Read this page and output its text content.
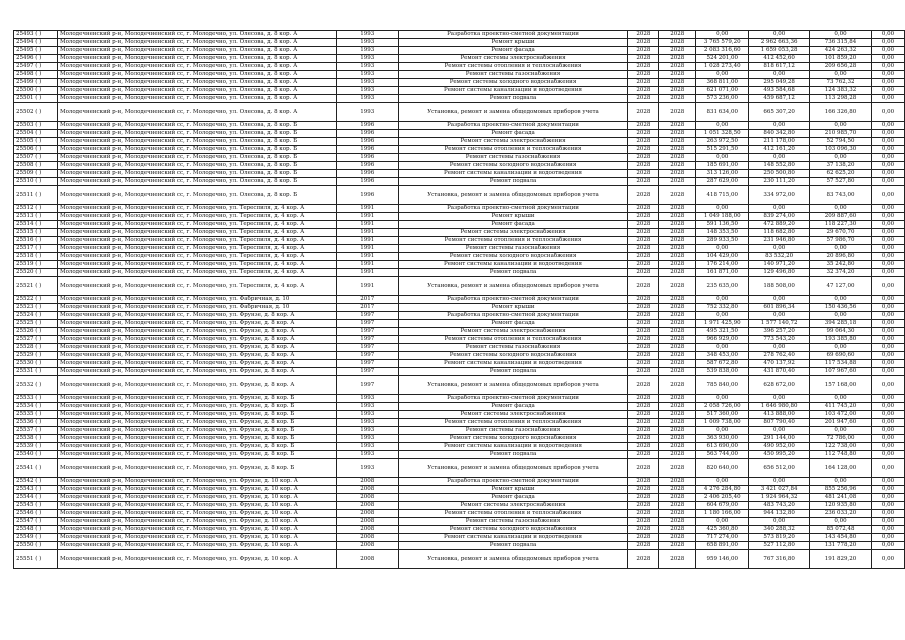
25493 ( )	Молодечненский р-н, Молодечненский сс, г. Молодечно, ул. Олесова, д. 8 кор. А	1993	Разработка проектно-сметной документации	2028	2028	0,00	0,00	0,00	0,00
25494 ( )	Молодечненский р-н, Молодечненский сс, г. Молодечно, ул. Олесова, д. 8 кор. А	1993	Ремонт крыши	2028	2028	3 765 579,20	2 962 663,36	736 315,84	0,00
25495 ( )	Молодечненский р-н, Молодечненский сс, г. Молодечно, ул. Олесова, д. 8 кор. А	1993	Ремонт фасада	2028	2028	2 083 316,60	1 659 053,28	424 263,32	0,00
25496 ( )	Молодечненский р-н, Молодечненский сс, г. Молодечно, ул. Олесова, д. 8 кор. А	1993	Ремонт системы электроснабжения	2028	2028	524 201,00	412 452,60	101 859,20	0,00
25497 ( )	Молодечненский р-н, Молодечненский сс, г. Молодечно, ул. Олесова, д. 8 кор. А	1993	Ремонт системы отопления и теплоснабжения	2028	2028	1 028 273,40	818 617,12	209 656,28	0,00
25498 ( )	Молодечненский р-н, Молодечненский сс, г. Молодечно, ул. Олесова, д. 8 кор. А	1993	Ремонт системы газоснабжения	2028	2028	0,00	0,00	0,00	0,00
25499 ( )	Молодечненский р-н, Молодечненский сс, г. Молодечно, ул. Олесова, д. 8 кор. А	1993	Ремонт системы холодного водоснабжения	2028	2028	368 811,00	295 049,28	73 762,32	0,00
25500 ( )	Молодечненский р-н, Молодечненский сс, г. Молодечно, ул. Олесова, д. 8 кор. А	1993	Ремонт системы канализации и водоотведения	2028	2028	621 071,00	493 584,68	124 383,32	0,00
25501 ( )	Молодечненский р-н, Молодечненский сс, г. Молодечно, ул. Олесова, д. 8 кор. А	1993	Ремонт подвала	2028	2028	573 236,00	459 687,12	113 298,28	0,00
25502 ( )	Молодечненский р-н, Молодечненский сс, г. Молодечно, ул. Олесова, д. 8 кор. А	1993	Установка, ремонт и замена общедомовых приборов учета	2028	2028	831 634,00	665 307,20	166 326,80	0,00
25503 ( )	Молодечненский р-н, Молодечненский сс, г. Молодечно, ул. Олесова, д. 8 кор. Б	1996	Разработка проектно-сметной документации	2028	2028	0,00	0,00	0,00	0,00
25504 ( )	Молодечненский р-н, Молодечненский сс, г. Молодечно, ул. Олесова, д. 8 кор. Б	1996	Ремонт фасада	2028	2028	1 051 328,50	840 342,80	210 985,70	0,00
25505 ( )	Молодечненский р-н, Молодечненский сс, г. Молодечно, ул. Олесова, д. 8 кор. Б	1996	Ремонт системы электроснабжения	2028	2028	263 972,50	211 178,00	52 794,50	0,00
25506 ( )	Молодечненский р-н, Молодечненский сс, г. Молодечно, ул. Олесова, д. 8 кор. Б	1996	Ремонт системы отопления и теплоснабжения	2028	2028	515 291,50	412 161,20	103 096,30	0,00
25507 ( )	Молодечненский р-н, Молодечненский сс, г. Молодечно, ул. Олесова, д. 8 кор. Б	1996	Ремонт системы газоснабжения	2028	2028	0,00	0,00	0,00	0,00
25508 ( )	Молодечненский р-н, Молодечненский сс, г. Молодечно, ул. Олесова, д. 8 кор. Б	1996	Ремонт системы холодного водоснабжения	2028	2028	185 691,00	148 552,80	37 138,20	0,00
25509 ( )	Молодечненский р-н, Молодечненский сс, г. Молодечно, ул. Олесова, д. 8 кор. Б	1996	Ремонт системы канализации и водоотведения	2028	2028	313 126,00	250 500,80	62 625,20	0,00
25510 ( )	Молодечненский р-н, Молодечненский сс, г. Молодечно, ул. Олесова, д. 8 кор. Б	1996	Ремонт подвала	2028	2028	287 629,00	230 111,20	57 527,80	0,00
25511 ( )	Молодечненский р-н, Молодечненский сс, г. Молодечно, ул. Олесова, д. 8 кор. Б	1996	Установка, ремонт и замена общедомовых приборов учета	2028	2028	418 715,00	334 972,00	83 743,00	0,00
25512 ( )	Молодечненский р-н, Молодечненский сс, г. Молодечно, ул. Тереспиля, д. 4 кор. А	1991	Разработка проектно-сметной документации	2028	2028	0,00	0,00	0,00	0,00
25513 ( )	Молодечненский р-н, Молодечненский сс, г. Молодечно, ул. Тереспиля, д. 4 кор. А	1991	Ремонт крыши	2028	2028	1 049 188,00	839 274,00	209 887,60	0,00
25514 ( )	Молодечненский р-н, Молодечненский сс, г. Молодечно, ул. Тереспиля, д. 4 кор. А	1991	Ремонт фасада	2028	2028	591 136,50	472 889,20	118 227,30	0,00
25515 ( )	Молодечненский р-н, Молодечненский сс, г. Молодечно, ул. Тереспиля, д. 4 кор. А	1991	Ремонт системы электроснабжения	2028	2028	148 353,50	118 682,80	29 670,70	0,00
25516 ( )	Молодечненский р-н, Молодечненский сс, г. Молодечно, ул. Тереспиля, д. 4 кор. А	1991	Ремонт системы отопления и теплоснабжения	2028	2028	289 933,50	231 946,80	57 986,70	0,00
25517 ( )	Молодечненский р-н, Молодечненский сс, г. Молодечно, ул. Тереспиля, д. 4 кор. А	1991	Ремонт системы газоснабжения	2028	2028	0,00	0,00	0,00	0,00
25518 ( )	Молодечненский р-н, Молодечненский сс, г. Молодечно, ул. Тереспиля, д. 4 кор. А	1991	Ремонт системы холодного водоснабжения	2028	2028	104 429,00	83 532,20	20 896,80	0,00
25519 ( )	Молодечненский р-н, Молодечненский сс, г. Молодечно, ул. Тереспиля, д. 4 кор. А	1991	Ремонт системы канализации и водоотведения	2028	2028	176 214,00	140 971,20	35 242,80	0,00
25520 ( )	Молодечненский р-н, Молодечненский сс, г. Молодечно, ул. Тереспиля, д. 4 кор. А	1991	Ремонт подвала	2028	2028	161 871,00	129 496,80	32 374,20	0,00
25521 ( )	Молодечненский р-н, Молодечненский сс, г. Молодечно, ул. Тереспиля, д. 4 кор. А	1991	Установка, ремонт и замена общедомовых приборов учета	2028	2028	235 635,00	188 508,00	47 127,00	0,00
25522 ( )	Молодечненский р-н, Молодечненский сс, г. Молодечно, ул. Фабричная, д. 10	2017	Разработка проектно-сметной документации	2028	2028	0,00	0,00	0,00	0,00
25523 ( )	Молодечненский р-н, Молодечненский сс, г. Молодечно, ул. Фабричная, д. 10	2017	Ремонт крыши	2028	2028	752 332,80	601 896,34	150 436,56	0,00
25524 ( )	Молодечненский р-н, Молодечненский сс, г. Молодечно, ул. Фрунзе, д. 8 кор. А	1997	Разработка проектно-сметной документации	2028	2028	0,00	0,00	0,00	0,00
25525 ( )	Молодечненский р-н, Молодечненский сс, г. Молодечно, ул. Фрунзе, д. 8 кор. А	1997	Ремонт фасада	2028	2028	1 971 425,90	1 577 140,72	394 285,18	0,00
25526 ( )	Молодечненский р-н, Молодечненский сс, г. Молодечно, ул. Фрунзе, д. 8 кор. А	1997	Ремонт системы электроснабжения	2028	2028	495 321,50	396 257,20	99 064,30	0,00
25527 ( )	Молодечненский р-н, Молодечненский сс, г. Молодечно, ул. Фрунзе, д. 8 кор. А	1997	Ремонт системы отопления и теплоснабжения	2028	2028	966 929,00	773 543,20	193 385,80	0,00
25528 ( )	Молодечненский р-н, Молодечненский сс, г. Молодечно, ул. Фрунзе, д. 8 кор. А	1997	Ремонт системы газоснабжения	2028	2028	0,00	0,00	0,00	0,00
25529 ( )	Молодечненский р-н, Молодечненский сс, г. Молодечно, ул. Фрунзе, д. 8 кор. А	1997	Ремонт системы холодного водоснабжения	2028	2028	348 453,00	278 762,40	69 690,60	0,00
25530 ( )	Молодечненский р-н, Молодечненский сс, г. Молодечно, ул. Фрунзе, д. 8 кор. А	1997	Ремонт системы канализации и водоотведения	2028	2028	587 672,80	470 137,92	117 534,88	0,00
25531 ( )	Молодечненский р-н, Молодечненский сс, г. Молодечно, ул. Фрунзе, д. 8 кор. А	1997	Ремонт подвала	2028	2028	539 838,00	431 870,40	107 967,60	0,00
25532 ( )	Молодечненский р-н, Молодечненский сс, г. Молодечно, ул. Фрунзе, д. 8 кор. А	1997	Установка, ремонт и замена общедомовых приборов учета	2028	2028	785 840,00	628 672,00	157 168,00	0,00
25533 ( )	Молодечненский р-н, Молодечненский сс, г. Молодечно, ул. Фрунзе, д. 8 кор. Б	1993	Разработка проектно-сметной документации	2028	2028	0,00	0,00	0,00	0,00
25534 ( )	Молодечненский р-н, Молодечненский сс, г. Молодечно, ул. Фрунзе, д. 8 кор. Б	1993	Ремонт фасада	2028	2028	2 058 726,00	1 646 980,80	411 745,20	0,00
25535 ( )	Молодечненский р-н, Молодечненский сс, г. Молодечно, ул. Фрунзе, д. 8 кор. Б	1993	Ремонт системы электроснабжения	2028	2028	517 360,00	413 888,00	103 472,00	0,00
25536 ( )	Молодечненский р-н, Молодечненский сс, г. Молодечно, ул. Фрунзе, д. 8 кор. Б	1993	Ремонт системы отопления и теплоснабжения	2028	2028	1 009 738,00	807 790,40	201 947,60	0,00
25537 ( )	Молодечненский р-н, Молодечненский сс, г. Молодечно, ул. Фрунзе, д. 8 кор. Б	1993	Ремонт системы газоснабжения	2028	2028	0,00	0,00	0,00	0,00
25538 ( )	Молодечненский р-н, Молодечненский сс, г. Молодечно, ул. Фрунзе, д. 8 кор. Б	1993	Ремонт системы холодного водоснабжения	2028	2028	363 930,00	291 144,00	72 786,00	0,00
25539 ( )	Молодечненский р-н, Молодечненский сс, г. Молодечно, ул. Фрунзе, д. 8 кор. Б	1993	Ремонт системы канализации и водоотведения	2028	2028	613 690,00	490 952,00	122 738,00	0,00
25540 ( )	Молодечненский р-н, Молодечненский сс, г. Молодечно, ул. Фрунзе, д. 8 кор. Б	1993	Ремонт подвала	2028	2028	563 744,00	450 995,20	112 748,80	0,00
25541 ( )	Молодечненский р-н, Молодечненский сс, г. Молодечно, ул. Фрунзе, д. 8 кор. Б	1993	Установка, ремонт и замена общедомовых приборов учета	2028	2028	820 640,00	656 512,00	164 128,00	0,00
25542 ( )	Молодечненский р-н, Молодечненский сс, г. Молодечно, ул. Фрунзе, д. 10 кор. А	2008	Разработка проектно-сметной документации	2028	2028	0,00	0,00	0,00	0,00
25543 ( )	Молодечненский р-н, Молодечненский сс, г. Молодечно, ул. Фрунзе, д. 10 кор. А	2008	Ремонт крыши	2028	2028	4 276 284,80	3 421 027,84	855 256,96	0,00
25544 ( )	Молодечненский р-н, Молодечненский сс, г. Молодечно, ул. Фрунзе, д. 10 кор. А	2008	Ремонт фасада	2028	2028	2 406 205,40	1 924 964,32	481 241,08	0,00
25545 ( )	Молодечненский р-н, Молодечненский сс, г. Молодечно, ул. Фрунзе, д. 10 кор. А	2008	Ремонт системы электроснабжения	2028	2028	604 679,00	483 743,20	120 935,80	0,00
25546 ( )	Молодечненский р-н, Молодечненский сс, г. Молодечно, ул. Фрунзе, д. 10 кор. А	2008	Ремонт системы отопления и теплоснабжения	2028	2028	1 180 166,00	944 132,80	236 033,20	0,00
25547 ( )	Молодечненский р-н, Молодечненский сс, г. Молодечно, ул. Фрунзе, д. 10 кор. А	2008	Ремонт системы газоснабжения	2028	2028	0,00	0,00	0,00	0,00
25548 ( )	Молодечненский р-н, Молодечненский сс, г. Молодечно, ул. Фрунзе, д. 10 кор. А	2008	Ремонт системы холодного водоснабжения	2028	2028	425 360,80	340 288,32	85 072,48	0,00
25549 ( )	Молодечненский р-н, Молодечненский сс, г. Молодечно, ул. Фрунзе, д. 10 кор. А	2008	Ремонт системы канализации и водоотведения	2028	2028	717 274,00	573 819,20	143 454,80	0,00
25550 ( )	Молодечненский р-н, Молодечненский сс, г. Молодечно, ул. Фрунзе, д. 10 кор. А	2008	Ремонт подвала	2028	2028	658 891,00	527 112,80	131 778,20	0,00
25551 ( )	Молодечненский р-н, Молодечненский сс, г. Молодечно, ул. Фрунзе, д. 10 кор. А	2008	Установка, ремонт и замена общедомовых приборов учета	2028	2028	959 146,00	767 316,80	191 829,20	0,00
